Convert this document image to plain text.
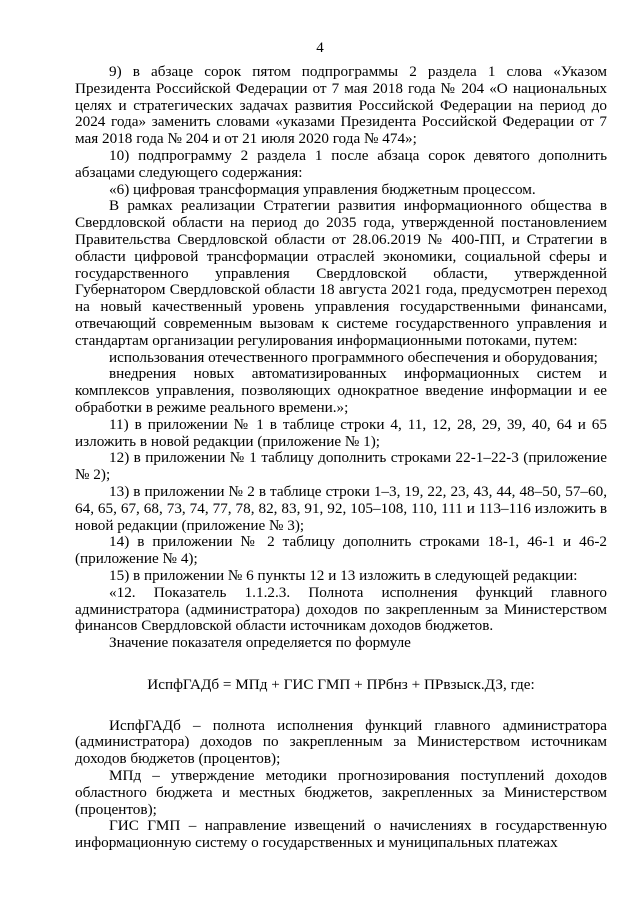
4

9) в абзаце сорок пятом подпрограммы 2 раздела 1 слова «Указом Президента Российской Федерации от 7 мая 2018 года № 204 «О национальных целях и стратегических задачах развития Российской Федерации на период до 2024 года» заменить словами «указами Президента Российской Федерации от 7 мая 2018 года № 204 и от 21 июля 2020 года № 474»;

10) подпрограмму 2 раздела 1 после абзаца сорок девятого дополнить абзацами следующего содержания:

«6) цифровая трансформация управления бюджетным процессом.

В рамках реализации Стратегии развития информационного общества в Свердловской области на период до 2035 года, утвержденной постановлением Правительства Свердловской области от 28.06.2019 № 400-ПП, и Стратегии в области цифровой трансформации отраслей экономики, социальной сферы и государственного управления Свердловской области, утвержденной Губернатором Свердловской области 18 августа 2021 года, предусмотрен переход на новый качественный уровень управления государственными финансами, отвечающий современным вызовам к системе государственного управления и стандартам организации регулирования информационными потоками, путем:

использования отечественного программного обеспечения и оборудования;

внедрения новых автоматизированных информационных систем и комплексов управления, позволяющих однократное введение информации и ее обработки в режиме реального времени.»;

11) в приложении № 1 в таблице строки 4, 11, 12, 28, 29, 39, 40, 64 и 65 изложить в новой редакции (приложение № 1);

12) в приложении № 1 таблицу дополнить строками 22-1–22-3 (приложение № 2);

13) в приложении № 2 в таблице строки 1–3, 19, 22, 23, 43, 44, 48–50, 57–60, 64, 65, 67, 68, 73, 74, 77, 78, 82, 83, 91, 92, 105–108, 110, 111 и 113–116 изложить в новой редакции (приложение № 3);

14) в приложении № 2 таблицу дополнить строками 18-1, 46-1 и 46-2 (приложение № 4);

15) в приложении № 6 пункты 12 и 13 изложить в следующей редакции:

«12. Показатель 1.1.2.3. Полнота исполнения функций главного администратора (администратора) доходов по закрепленным за Министерством финансов Свердловской области источникам доходов бюджетов.

Значение показателя определяется по формуле

ИспфГАДб = МПд + ГИС ГМП + ПРбнз + ПРвзыск.ДЗ, где:

ИспфГАДб – полнота исполнения функций главного администратора (администратора) доходов по закрепленным за Министерством источникам доходов бюджетов (процентов);

МПд – утверждение методики прогнозирования поступлений доходов областного бюджета и местных бюджетов, закрепленных за Министерством (процентов);

ГИС ГМП – направление извещений о начислениях в государственную информационную систему о государственных и муниципальных платежах
